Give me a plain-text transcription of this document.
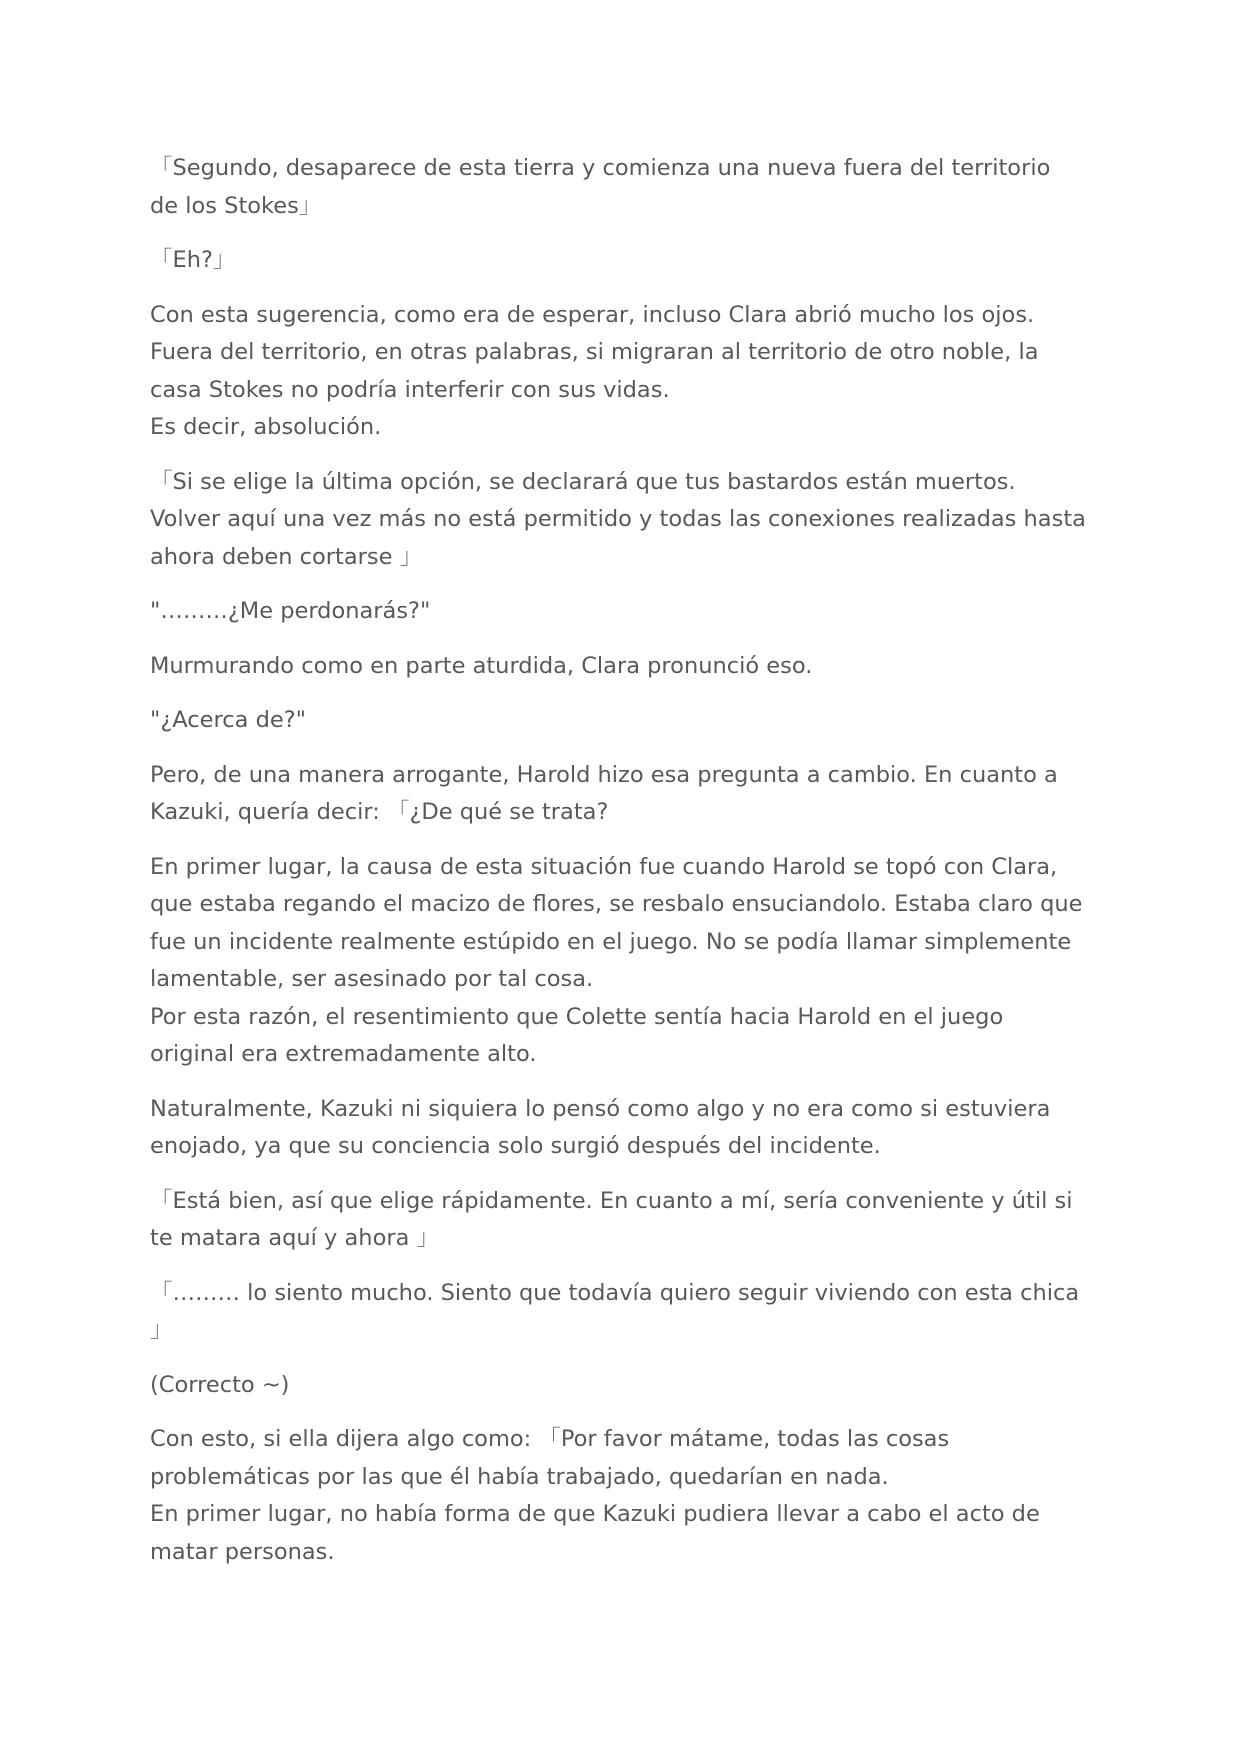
「Segundo, desaparece de esta tierra y comienza una nueva fuera del territorio
de los Stokes」
「Eh?」
Con esta sugerencia, como era de esperar, incluso Clara abrió mucho los ojos.
Fuera del territorio, en otras palabras, si migraran al territorio de otro noble, la
casa Stokes no podría interferir con sus vidas.
Es decir, absolución.
「Si se elige la última opción, se declarará que tus bastardos están muertos.
Volver aquí una vez más no está permitido y todas las conexiones realizadas hasta
ahora deben cortarse 」
"………¿Me perdonarás?"
Murmurando como en parte aturdida, Clara pronunció eso.
"¿Acerca de?"
Pero, de una manera arrogante, Harold hizo esa pregunta a cambio. En cuanto a
Kazuki, quería decir: 「¿De qué se trata?
En primer lugar, la causa de esta situación fue cuando Harold se topó con Clara,
que estaba regando el macizo de flores, se resbalo ensuciandolo. Estaba claro que
fue un incidente realmente estúpido en el juego. No se podía llamar simplemente
lamentable, ser asesinado por tal cosa.
Por esta razón, el resentimiento que Colette sentía hacia Harold en el juego
original era extremadamente alto.
Naturalmente, Kazuki ni siquiera lo pensó como algo y no era como si estuviera
enojado, ya que su conciencia solo surgió después del incidente.
「Está bien, así que elige rápidamente. En cuanto a mí, sería conveniente y útil si
te matara aquí y ahora 」
「……… lo siento mucho. Siento que todavía quiero seguir viviendo con esta chica
」
(Correcto ~)
Con esto, si ella dijera algo como: 「Por favor mátame, todas las cosas
problemáticas por las que él había trabajado, quedarían en nada.
En primer lugar, no había forma de que Kazuki pudiera llevar a cabo el acto de
matar personas.
